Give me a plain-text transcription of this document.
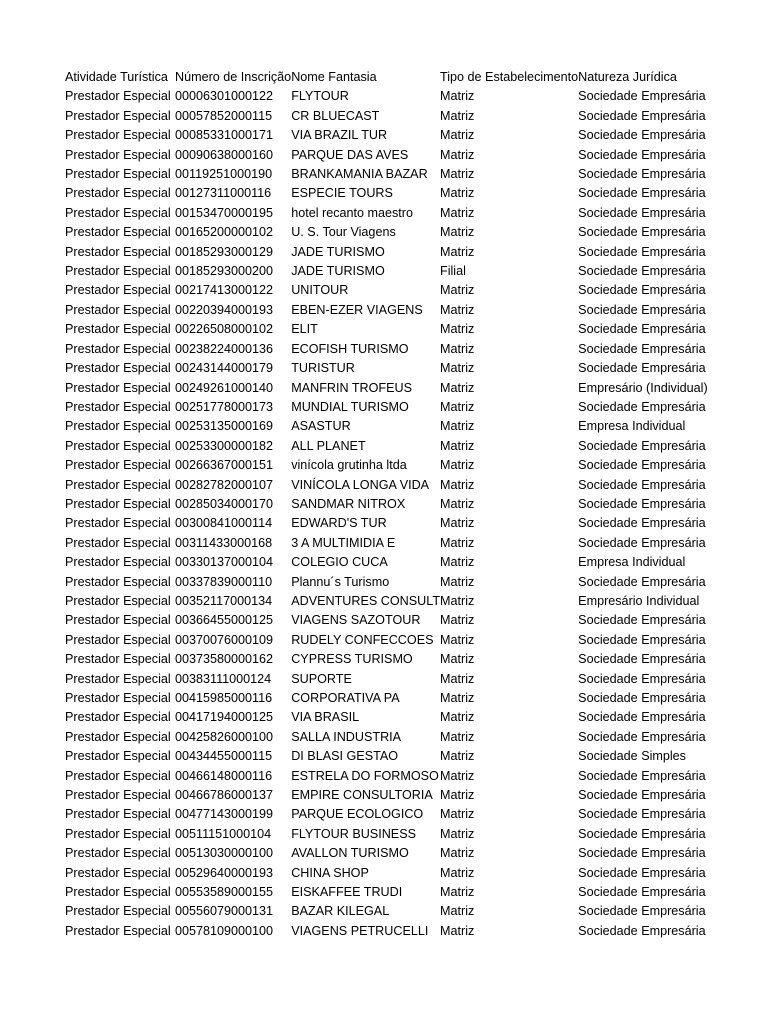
Atividade Turística	Número de Inscrição	Nome Fantasia	Tipo de Estabelecimento	Natureza Jurídica
Prestador Especial	00006301000122	FLYTOUR	Matriz	Sociedade Empresária
Prestador Especial	00057852000115	CR BLUECAST	Matriz	Sociedade Empresária
Prestador Especial	00085331000171	VIA BRAZIL TUR	Matriz	Sociedade Empresária
Prestador Especial	00090638000160	PARQUE DAS AVES	Matriz	Sociedade Empresária
Prestador Especial	00119251000190	BRANKAMANIA BAZAR	Matriz	Sociedade Empresária
Prestador Especial	00127311000116	ESPECIE TOURS	Matriz	Sociedade Empresária
Prestador Especial	00153470000195	hotel recanto maestro	Matriz	Sociedade Empresária
Prestador Especial	00165200000102	U. S. Tour Viagens	Matriz	Sociedade Empresária
Prestador Especial	00185293000129	JADE TURISMO	Matriz	Sociedade Empresária
Prestador Especial	00185293000200	JADE TURISMO	Filial	Sociedade Empresária
Prestador Especial	00217413000122	UNITOUR	Matriz	Sociedade Empresária
Prestador Especial	00220394000193	EBEN-EZER VIAGENS	Matriz	Sociedade Empresária
Prestador Especial	00226508000102	ELIT	Matriz	Sociedade Empresária
Prestador Especial	00238224000136	ECOFISH TURISMO	Matriz	Sociedade Empresária
Prestador Especial	00243144000179	TURISTUR	Matriz	Sociedade Empresária
Prestador Especial	00249261000140	MANFRIN TROFEUS	Matriz	Empresário (Individual)
Prestador Especial	00251778000173	MUNDIAL TURISMO	Matriz	Sociedade Empresária
Prestador Especial	00253135000169	ASASTUR	Matriz	Empresa Individual
Prestador Especial	00253300000182	ALL PLANET	Matriz	Sociedade Empresária
Prestador Especial	00266367000151	vinícola grutinha ltda	Matriz	Sociedade Empresária
Prestador Especial	00282782000107	VINÍCOLA LONGA VIDA	Matriz	Sociedade Empresária
Prestador Especial	00285034000170	SANDMAR NITROX	Matriz	Sociedade Empresária
Prestador Especial	00300841000114	EDWARD'S TUR	Matriz	Sociedade Empresária
Prestador Especial	00311433000168	3 A MULTIMIDIA E	Matriz	Sociedade Empresária
Prestador Especial	00330137000104	COLEGIO CUCA	Matriz	Empresa Individual
Prestador Especial	00337839000110	Plannu´s Turismo	Matriz	Sociedade Empresária
Prestador Especial	00352117000134	ADVENTURES CONSULT	Matriz	Empresário Individual
Prestador Especial	00366455000125	VIAGENS SAZOTOUR	Matriz	Sociedade Empresária
Prestador Especial	00370076000109	RUDELY CONFECCOES	Matriz	Sociedade Empresária
Prestador Especial	00373580000162	CYPRESS TURISMO	Matriz	Sociedade Empresária
Prestador Especial	00383111000124	SUPORTE	Matriz	Sociedade Empresária
Prestador Especial	00415985000116	CORPORATIVA PA	Matriz	Sociedade Empresária
Prestador Especial	00417194000125	VIA BRASIL	Matriz	Sociedade Empresária
Prestador Especial	00425826000100	SALLA INDUSTRIA	Matriz	Sociedade Empresária
Prestador Especial	00434455000115	DI BLASI GESTAO	Matriz	Sociedade Simples
Prestador Especial	00466148000116	ESTRELA DO FORMOSO	Matriz	Sociedade Empresária
Prestador Especial	00466786000137	EMPIRE CONSULTORIA	Matriz	Sociedade Empresária
Prestador Especial	00477143000199	PARQUE ECOLOGICO	Matriz	Sociedade Empresária
Prestador Especial	00511151000104	FLYTOUR BUSINESS	Matriz	Sociedade Empresária
Prestador Especial	00513030000100	AVALLON TURISMO	Matriz	Sociedade Empresária
Prestador Especial	00529640000193	CHINA SHOP	Matriz	Sociedade Empresária
Prestador Especial	00553589000155	EISKAFFEE TRUDI	Matriz	Sociedade Empresária
Prestador Especial	00556079000131	BAZAR KILEGAL	Matriz	Sociedade Empresária
Prestador Especial	00578109000100	VIAGENS PETRUCELLI	Matriz	Sociedade Empresária
